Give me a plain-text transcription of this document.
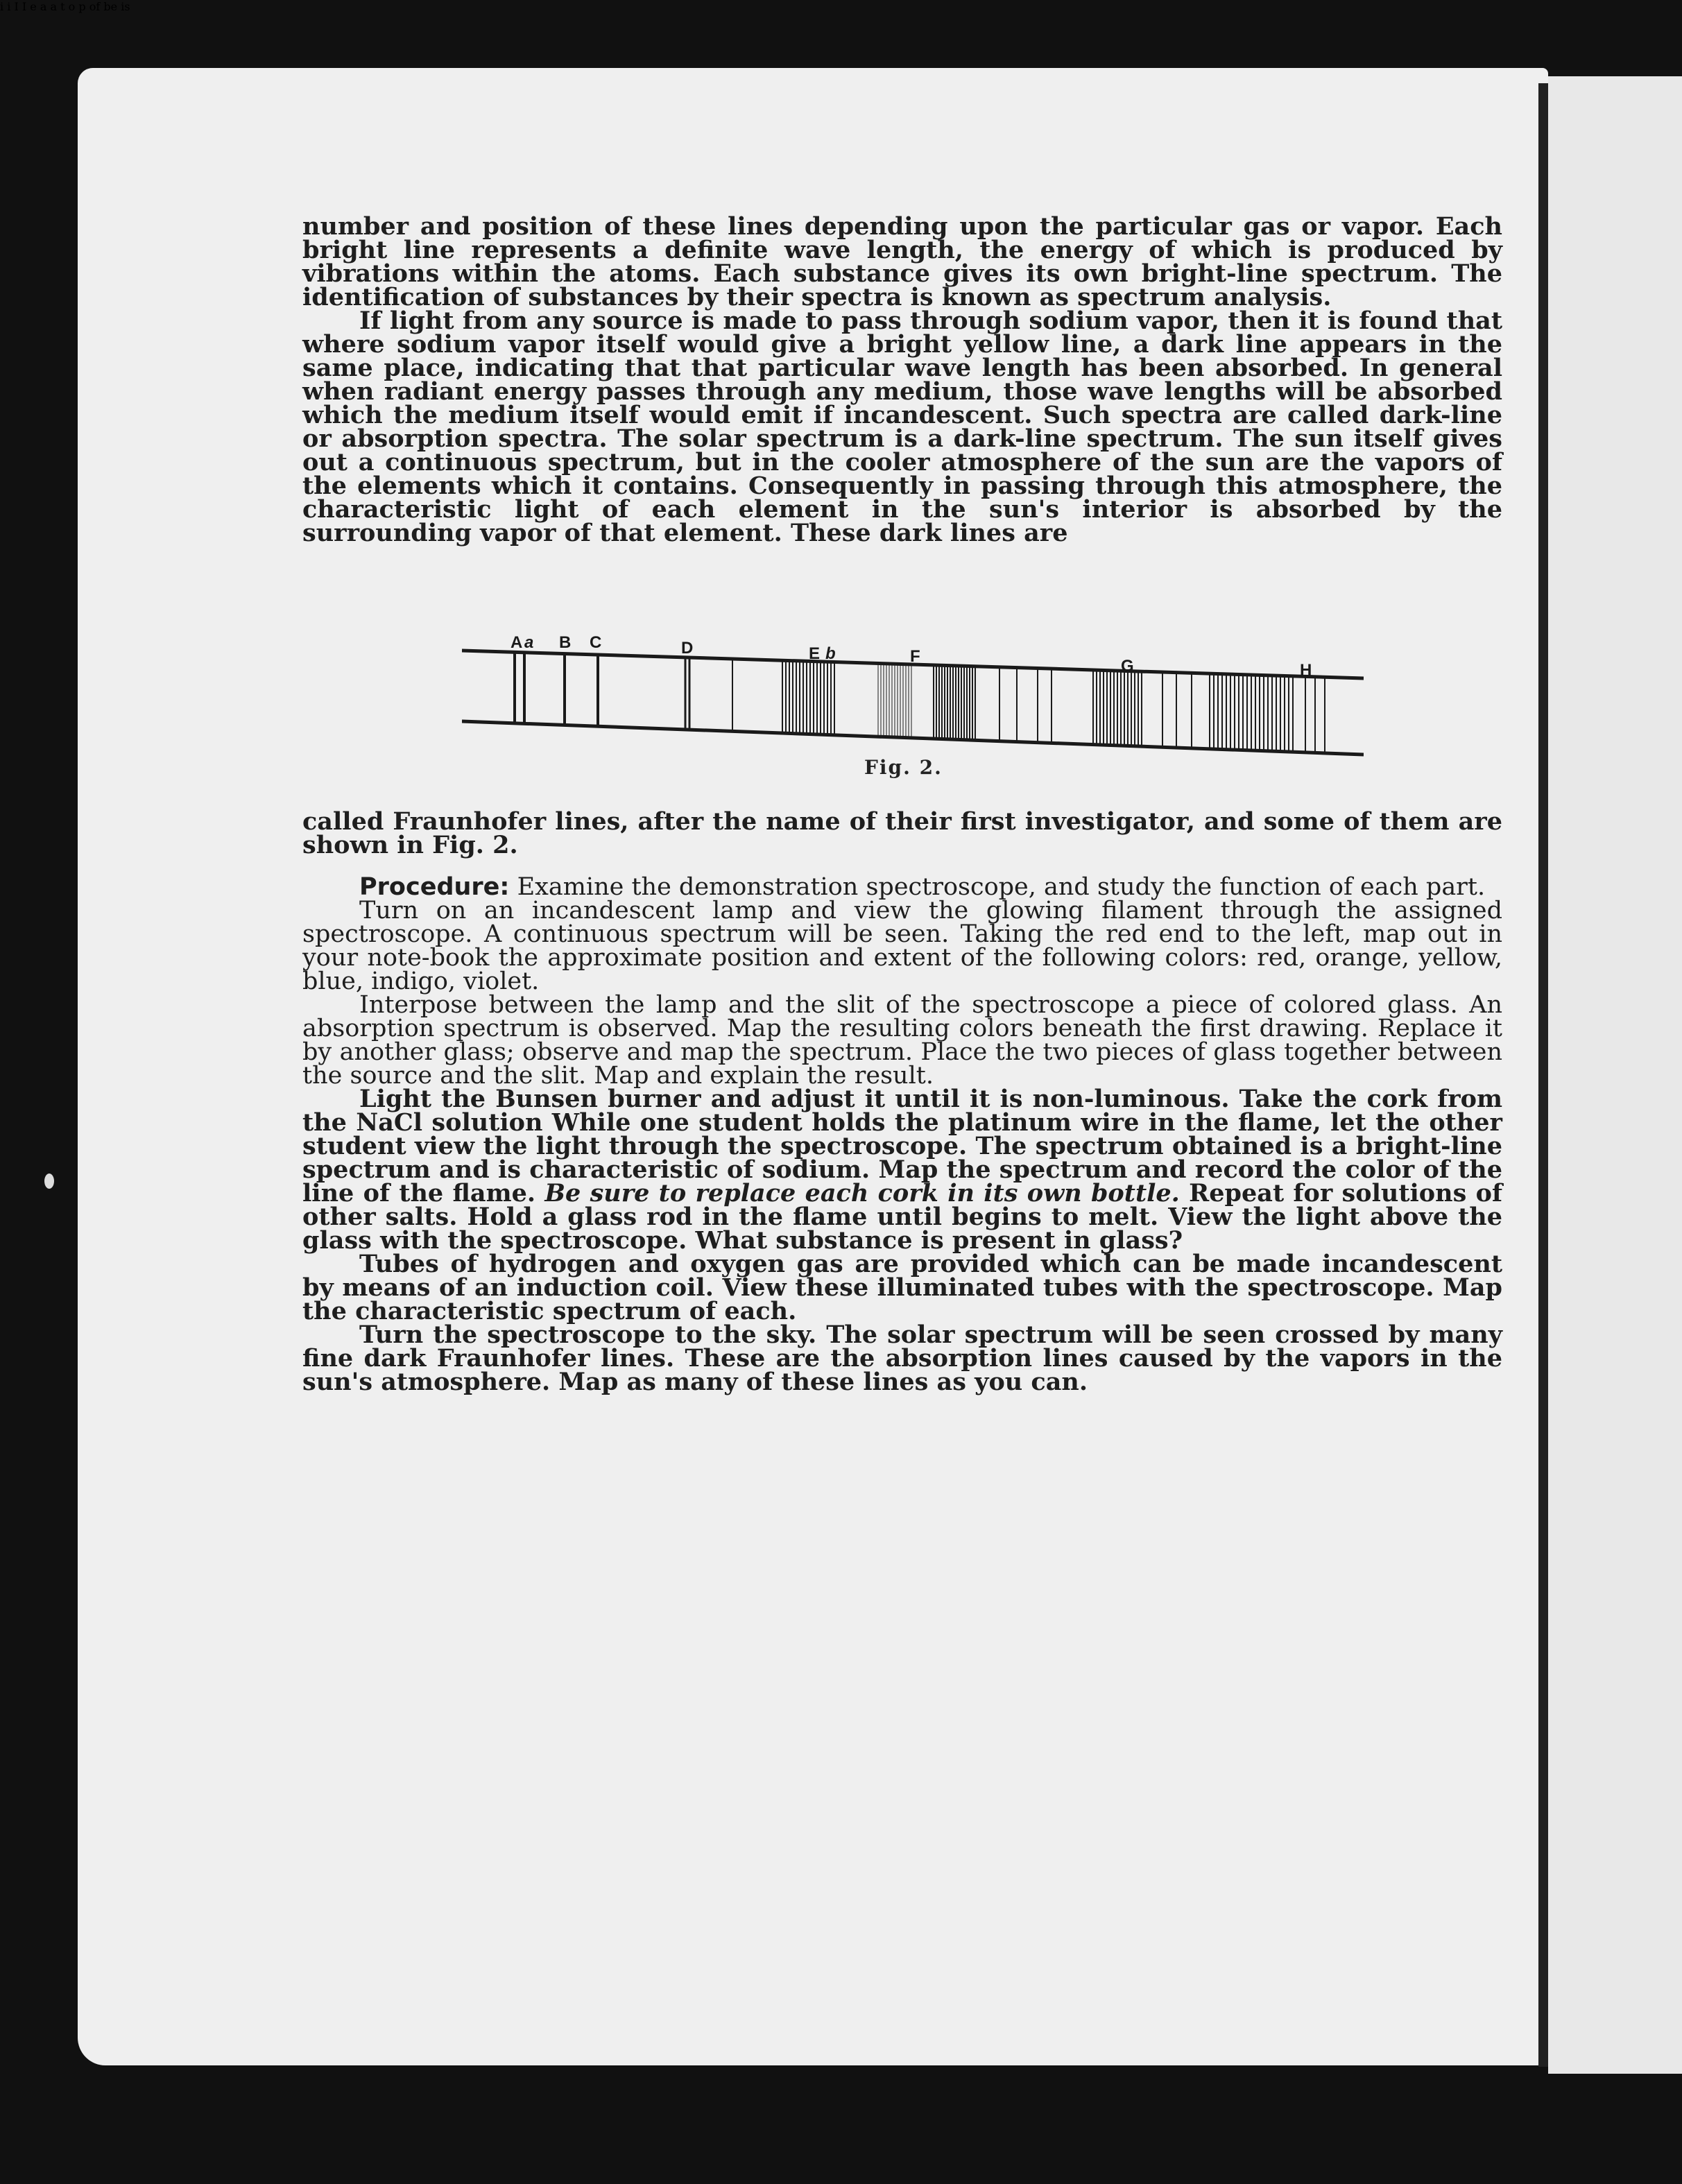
i i I I e a a t o p of be is

number and position of these lines depending upon the particular gas or vapor. Each bright line represents a definite wave length, the energy of which is produced by vibrations within the atoms. Each substance gives its own bright-line spectrum. The identification of substances by their spectra is known as spectrum analysis.

If light from any source is made to pass through sodium vapor, then it is found that where sodium vapor itself would give a bright yellow line, a dark line appears in the same place, indicating that that particular wave length has been absorbed. In general when radiant energy passes through any medium, those wave lengths will be absorbed which the medium itself would emit if incandescent. Such spectra are called dark-line or absorption spectra. The solar spectrum is a dark-line spectrum. The sun itself gives out a continuous spectrum, but in the cooler atmosphere of the sun are the vapors of the elements which it contains. Consequently in passing through this atmosphere, the characteristic light of each element in the sun's interior is absorbed by the surrounding vapor of that element. These dark lines are

A a B C	D	E b	F
G	H
Fig. 2.

called Fraunhofer lines, after the name of their first investigator, and some of them are shown in Fig. 2.

Procedure: Examine the demonstration spectroscope, and study the function of each part.

Turn on an incandescent lamp and view the glowing filament through the assigned spectroscope. A continuous spectrum will be seen. Taking the red end to the left, map out in your note-book the approximate position and extent of the following colors: red, orange, yellow, blue, indigo, violet.

Interpose between the lamp and the slit of the spectroscope a piece of colored glass. An absorption spectrum is observed. Map the resulting colors beneath the first drawing. Replace it by another glass; observe and map the spectrum. Place the two pieces of glass together between the source and the slit. Map and explain the result.

Light the Bunsen burner and adjust it until it is non-luminous. Take the cork from the NaCl solution While one student holds the platinum wire in the flame, let the other student view the light through the spectroscope. The spectrum obtained is a bright-line spectrum and is characteristic of sodium. Map the spectrum and record the color of the line of the flame. Be sure to replace each cork in its own bottle. Repeat for solutions of other salts. Hold a glass rod in the flame until begins to melt. View the light above the glass with the spectroscope. What substance is present in glass?

Tubes of hydrogen and oxygen gas are provided which can be made incandescent by means of an induction coil. View these illuminated tubes with the spectroscope. Map the characteristic spectrum of each.

Turn the spectroscope to the sky. The solar spectrum will be seen crossed by many fine dark Fraunhofer lines. These are the absorption lines caused by the vapors in the sun's atmosphere. Map as many of these lines as you can.
